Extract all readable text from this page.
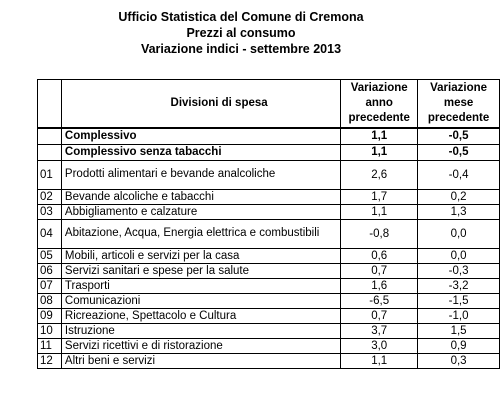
Ufficio Statistica del Comune di Cremona
Prezzi al consumo
Variazione indici - settembre 2013
	Divisioni di spesa	Variazione anno precedente	Variazione mese precedente
	Complessivo	1,1	-0,5
	Complessivo senza tabacchi	1,1	-0,5
01	Prodotti alimentari e bevande analcoliche	2,6	-0,4
02	Bevande alcoliche e tabacchi	1,7	0,2
03	Abbigliamento e calzature	1,1	1,3
04	Abitazione, Acqua, Energia elettrica e combustibili	-0,8	0,0
05	Mobili, articoli e servizi per la casa	0,6	0,0
06	Servizi sanitari e spese per la salute	0,7	-0,3
07	Trasporti	1,6	-3,2
08	Comunicazioni	-6,5	-1,5
09	Ricreazione, Spettacolo e Cultura	0,7	-1,0
10	Istruzione	3,7	1,5
11	Servizi ricettivi e di ristorazione	3,0	0,9
12	Altri beni e servizi	1,1	0,3
